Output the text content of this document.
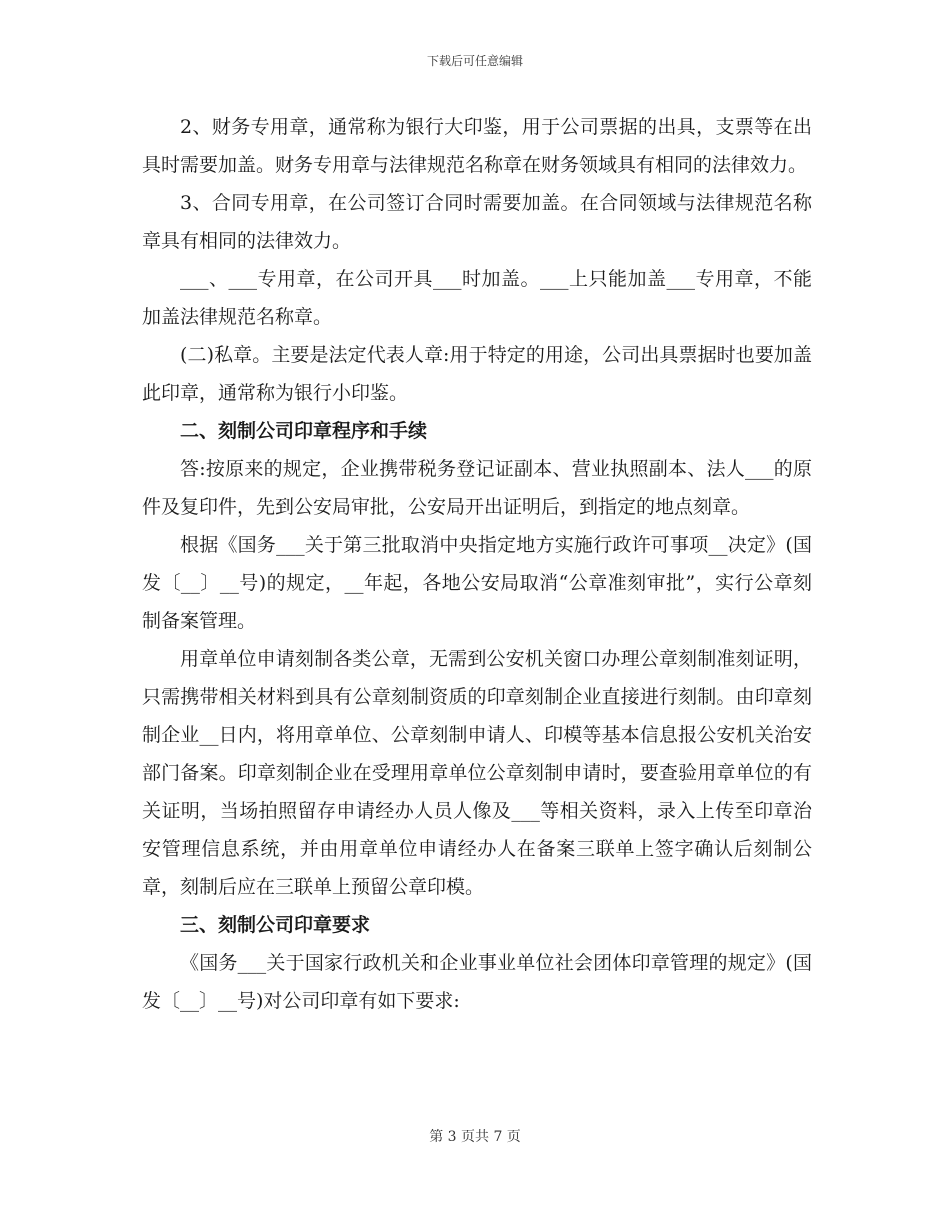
下载后可任意编辑

2、财务专用章，通常称为银行大印鉴，用于公司票据的出具，支票等在出具时需要加盖。财务专用章与法律规范名称章在财务领域具有相同的法律效力。

3、合同专用章，在公司签订合同时需要加盖。在合同领域与法律规范名称章具有相同的法律效力。

___、___专用章，在公司开具___时加盖。___上只能加盖___专用章，不能加盖法律规范名称章。

(二)私章。主要是法定代表人章:用于特定的用途，公司出具票据时也要加盖此印章，通常称为银行小印鉴。

二、刻制公司印章程序和手续

答:按原来的规定，企业携带税务登记证副本、营业执照副本、法人___的原件及复印件，先到公安局审批，公安局开出证明后，到指定的地点刻章。

根据《国务___关于第三批取消中央指定地方实施行政许可事项__决定》(国发〔__〕__号)的规定，__年起，各地公安局取消“公章准刻审批”，实行公章刻制备案管理。

用章单位申请刻制各类公章，无需到公安机关窗口办理公章刻制准刻证明，只需携带相关材料到具有公章刻制资质的印章刻制企业直接进行刻制。由印章刻制企业__日内，将用章单位、公章刻制申请人、印模等基本信息报公安机关治安部门备案。印章刻制企业在受理用章单位公章刻制申请时，要查验用章单位的有关证明，当场拍照留存申请经办人员人像及___等相关资料，录入上传至印章治安管理信息系统，并由用章单位申请经办人在备案三联单上签字确认后刻制公章，刻制后应在三联单上预留公章印模。

三、刻制公司印章要求

《国务___关于国家行政机关和企业事业单位社会团体印章管理的规定》(国发〔__〕__号)对公司印章有如下要求:

第 3 页共 7 页
